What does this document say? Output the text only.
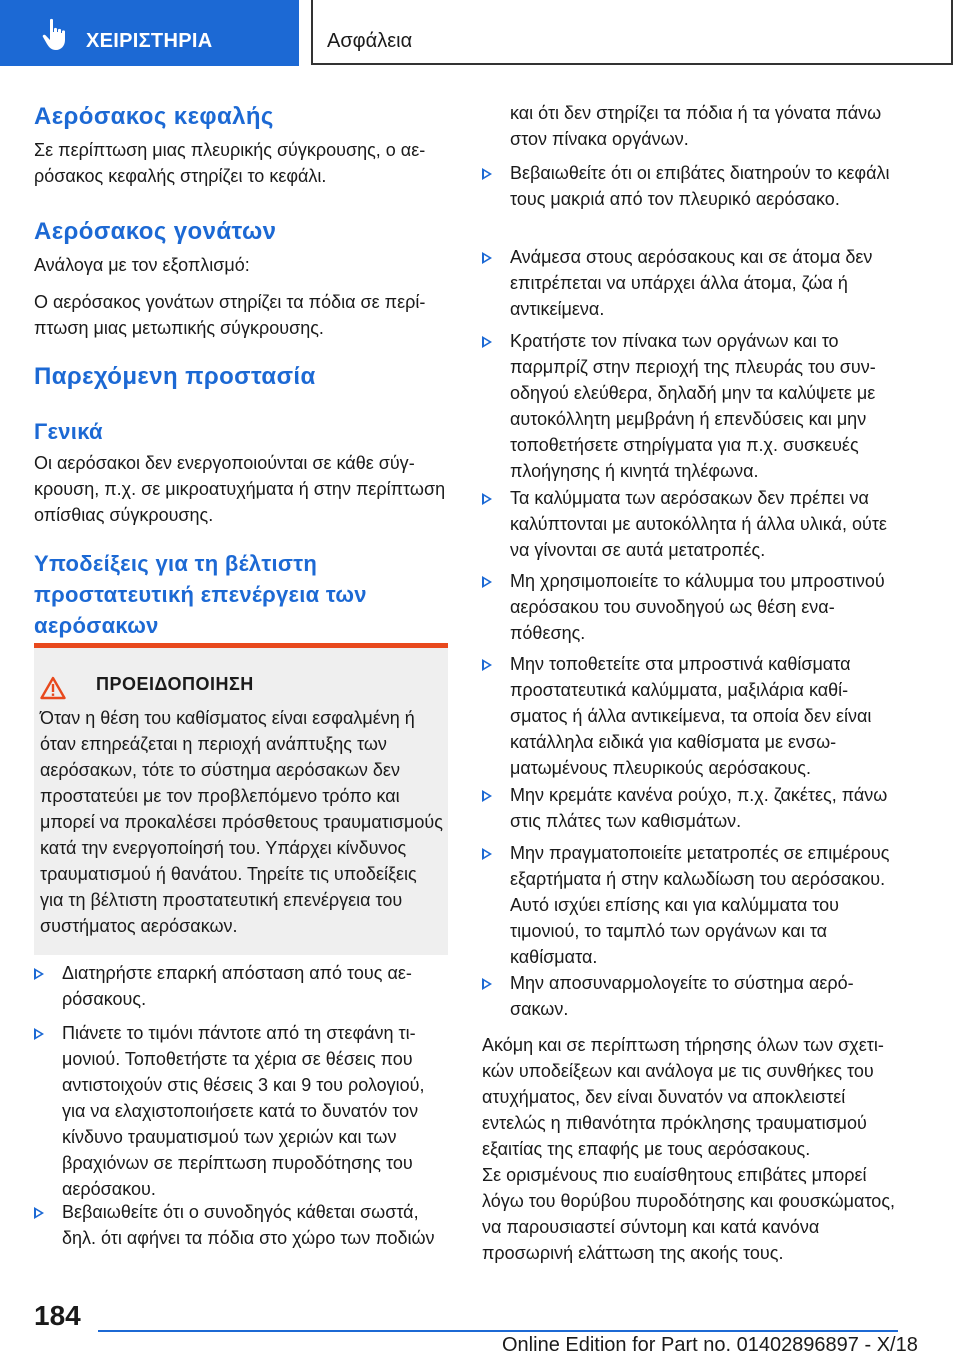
ΧΕΙΡΙΣΤΗΡΙΑ	Ασφάλεια
Αερόσακος κεφαλής

Σε περίπτωση μιας πλευρικής σύγκρουσης, ο αερόσακος κεφαλής στηρίζει το κεφάλι.

Αερόσακος γονάτων

Ανάλογα με τον εξοπλισμό:

Ο αερόσακος γονάτων στηρίζει τα πόδια σε περίπτωση μιας μετωπικής σύγκρουσης.

Παρεχόμενη προστασία
Γενικά

Οι αερόσακοι δεν ενεργοποιούνται σε κάθε σύγκρουση, π.χ. σε μικροατυχήματα ή στην περίπτωση οπίσθιας σύγκρουσης.

Υποδείξεις για τη βέλτιστη προστατευτική επενέργεια των αερόσακων
ΠΡΟΕΙΔΟΠΟΙΗΣΗ

Όταν η θέση του καθίσματος είναι εσφαλμένη ή όταν επηρεάζεται η περιοχή ανάπτυξης των αερόσακων, τότε το σύστημα αερόσακων δεν προστατεύει με τον προβλεπόμενο τρόπο και μπορεί να προκαλέσει πρόσθετους τραυματισμούς κατά την ενεργοποίησή του. Υπάρχει κίνδυνος τραυματισμού ή θανάτου. Τηρείτε τις υποδείξεις για τη βέλτιστη προστατευτική επενέργεια του συστήματος αερόσακων.

Διατηρήστε επαρκή απόσταση από τους αερόσακους.

Πιάνετε το τιμόνι πάντοτε από τη στεφάνη τιμονιού. Τοποθετήστε τα χέρια σε θέσεις που αντιστοιχούν στις θέσεις 3 και 9 του ρολογιού, για να ελαχιστοποιήσετε κατά το δυνατόν τον κίνδυνο τραυματισμού των χεριών και των βραχιόνων σε περίπτωση πυροδότησης του αερόσακου.

Βεβαιωθείτε ότι ο συνοδηγός κάθεται σωστά, δηλ. ότι αφήνει τα πόδια στο χώρο των ποδιών

και ότι δεν στηρίζει τα πόδια ή τα γόνατα πάνω στον πίνακα οργάνων.

Βεβαιωθείτε ότι οι επιβάτες διατηρούν το κεφάλι τους μακριά από τον πλευρικό αερόσακο.

Ανάμεσα στους αερόσακους και σε άτομα δεν επιτρέπεται να υπάρχει άλλα άτομα, ζώα ή αντικείμενα.

Κρατήστε τον πίνακα των οργάνων και το παρμπρίζ στην περιοχή της πλευράς του συνοδηγού ελεύθερα, δηλαδή μην τα καλύψετε με αυτοκόλλητη μεμβράνη ή επενδύσεις και μην τοποθετήσετε στηρίγματα για π.χ. συσκευές πλοήγησης ή κινητά τηλέφωνα.

Τα καλύμματα των αερόσακων δεν πρέπει να καλύπτονται με αυτοκόλλητα ή άλλα υλικά, ούτε να γίνονται σε αυτά μετατροπές.

Μη χρησιμοποιείτε το κάλυμμα του μπροστινού αερόσακου του συνοδηγού ως θέση εναπόθεσης.

Μην τοποθετείτε στα μπροστινά καθίσματα προστατευτικά καλύμματα, μαξιλάρια καθίσματος ή άλλα αντικείμενα, τα οποία δεν είναι κατάλληλα ειδικά για καθίσματα με ενσωματωμένους πλευρικούς αερόσακους.

Μην κρεμάτε κανένα ρούχο, π.χ. ζακέτες, πάνω στις πλάτες των καθισμάτων.

Μην πραγματοποιείτε μετατροπές σε επιμέρους εξαρτήματα ή στην καλωδίωση του αερόσακου. Αυτό ισχύει επίσης και για καλύμματα του τιμονιού, το ταμπλό των οργάνων και τα καθίσματα.

Μην αποσυναρμολογείτε το σύστημα αερόσακων.

Ακόμη και σε περίπτωση τήρησης όλων των σχετικών υποδείξεων και ανάλογα με τις συνθήκες του ατυχήματος, δεν είναι δυνατόν να αποκλειστεί εντελώς η πιθανότητα πρόκλησης τραυματισμού εξαιτίας της επαφής με τους αερόσακους.

Σε ορισμένους πιο ευαίσθητους επιβάτες μπορεί λόγω του θορύβου πυροδότησης και φουσκώματος, να παρουσιαστεί σύντομη και κατά κανόνα προσωρινή ελάττωση της ακοής τους.

184
Online Edition for Part no. 01402896897 - X/18
